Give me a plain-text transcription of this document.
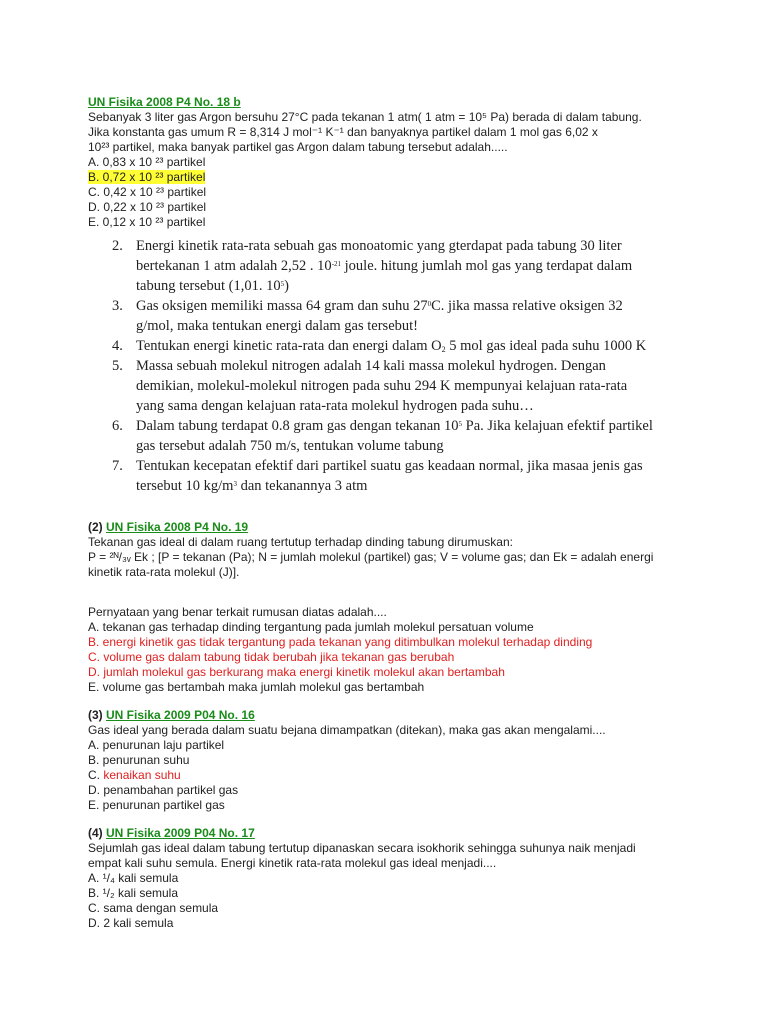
UN Fisika 2008 P4 No. 18 b
Sebanyak 3 liter gas Argon bersuhu 27°C pada tekanan 1 atm( 1 atm = 10⁵ Pa) berada di dalam tabung.
Jika konstanta gas umum R = 8,314 J mol⁻¹ K⁻¹ dan banyaknya partikel dalam 1 mol gas 6,02 x
10²³ partikel, maka banyak partikel gas Argon dalam tabung tersebut adalah.....
A. 0,83 x 10 ²³ partikel
B. 0,72 x 10 ²³ partikel
C. 0,42 x 10 ²³ partikel
D. 0,22 x 10 ²³ partikel
E. 0,12 x 10 ²³ partikel
2. Energi kinetik rata-rata sebuah gas monoatomic yang gterdapat pada tabung 30 liter
bertekanan 1 atm adalah 2,52 . $10^{-21}$ joule. hitung jumlah mol gas yang terdapat dalam
tabung tersebut (1,01. $10^5$)
3. Gas oksigen memiliki massa 64 gram dan suhu $27^0C$. jika massa relative oksigen 32
g/mol, maka tentukan energi dalam gas tersebut!
4. Tentukan energi kinetic rata-rata dan energi dalam $O_2$ 5 mol gas ideal pada suhu 1000 K
5. Massa sebuah molekul nitrogen adalah 14 kali massa molekul hydrogen. Dengan
demikian, molekul-molekul nitrogen pada suhu 294 K mempunyai kelajuan rata-rata
yang sama dengan kelajuan rata-rata molekul hydrogen pada suhu…
6. Dalam tabung terdapat 0.8 gram gas dengan tekanan $10^5$ Pa. Jika kelajuan efektif partikel
gas tersebut adalah 750 m/s, tentukan volume tabung
7. Tentukan kecepatan efektif dari partikel suatu gas keadaan normal, jika masaa jenis gas
tersebut 10 $kg/m^3$ dan tekanannya 3 atm
(2) UN Fisika 2008 P4 No. 19
Tekanan gas ideal di dalam ruang tertutup terhadap dinding tabung dirumuskan:
P = ²ᴺ/₃ᵥ Ek ; [P = tekanan (Pa); N = jumlah molekul (partikel) gas; V = volume gas; dan Ek = adalah energi
kinetik rata-rata molekul (J)].
Pernyataan yang benar terkait rumusan diatas adalah....
A. tekanan gas terhadap dinding tergantung pada jumlah molekul persatuan volume
B. energi kinetik gas tidak tergantung pada tekanan yang ditimbulkan molekul terhadap dinding
C. volume gas dalam tabung tidak berubah jika tekanan gas berubah
D. jumlah molekul gas berkurang maka energi kinetik molekul akan bertambah
E. volume gas bertambah maka jumlah molekul gas bertambah
(3) UN Fisika 2009 P04 No. 16
Gas ideal yang berada dalam suatu bejana dimampatkan (ditekan), maka gas akan mengalami....
A. penurunan laju partikel
B. penurunan suhu
C. kenaikan suhu
D. penambahan partikel gas
E. penurunan partikel gas
(4) UN Fisika 2009 P04 No. 17
Sejumlah gas ideal dalam tabung tertutup dipanaskan secara isokhorik sehingga suhunya naik menjadi
empat kali suhu semula. Energi kinetik rata-rata molekul gas ideal menjadi....
A. ¹/₄ kali semula
B. ¹/₂ kali semula
C. sama dengan semula
D. 2 kali semula
